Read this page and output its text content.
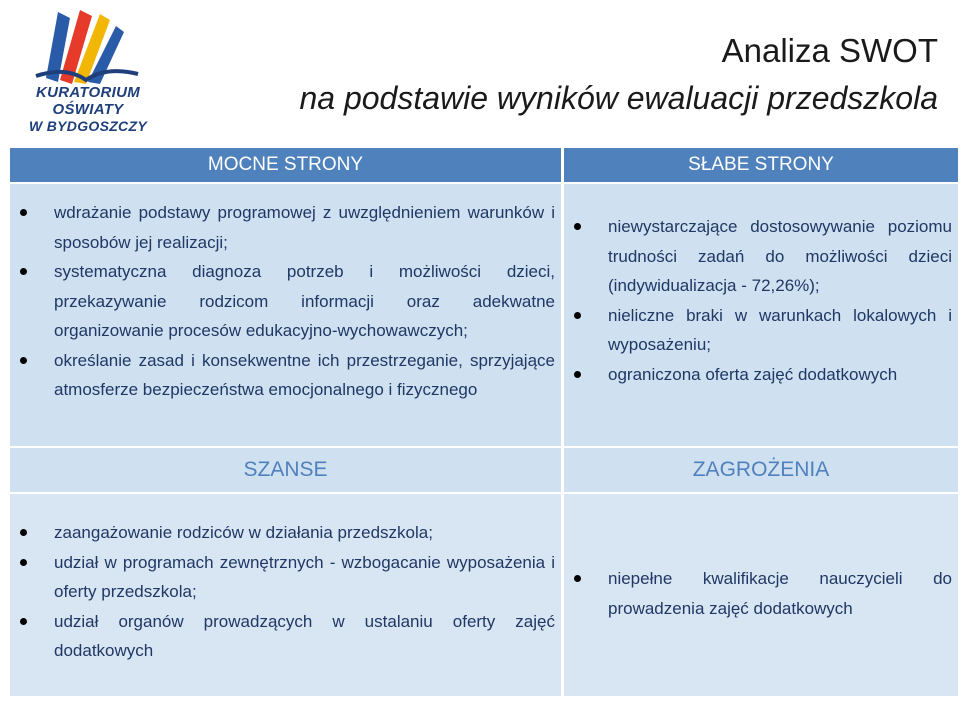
KURATORIUM OŚWIATY
W BYDGOSZCZY
Analiza SWOT
na podstawie wyników ewaluacji przedszkola
MOCNE STRONY
wdrażanie podstawy programowej z uwzględnieniem warunków i sposobów jej realizacji;
systematyczna diagnoza potrzeb i możliwości dzieci, przekazywanie rodzicom informacji oraz adekwatne organizowanie procesów edukacyjno-wychowawczych;
określanie zasad i konsekwentne ich przestrzeganie, sprzyjające atmosferze bezpieczeństwa emocjonalnego i fizycznego
SŁABE STRONY
niewystarczające dostosowywanie poziomu trudności zadań do możliwości dzieci (indywidualizacja - 72,26%);
nieliczne braki w warunkach lokalowych i wyposażeniu;
ograniczona oferta zajęć dodatkowych
SZANSE
zaangażowanie rodziców w działania przedszkola;
udział w programach zewnętrznych - wzbogacanie wyposażenia i oferty przedszkola;
udział organów prowadzących w ustalaniu oferty zajęć dodatkowych
ZAGROŻENIA
niepełne kwalifikacje nauczycieli do prowadzenia zajęć dodatkowych
